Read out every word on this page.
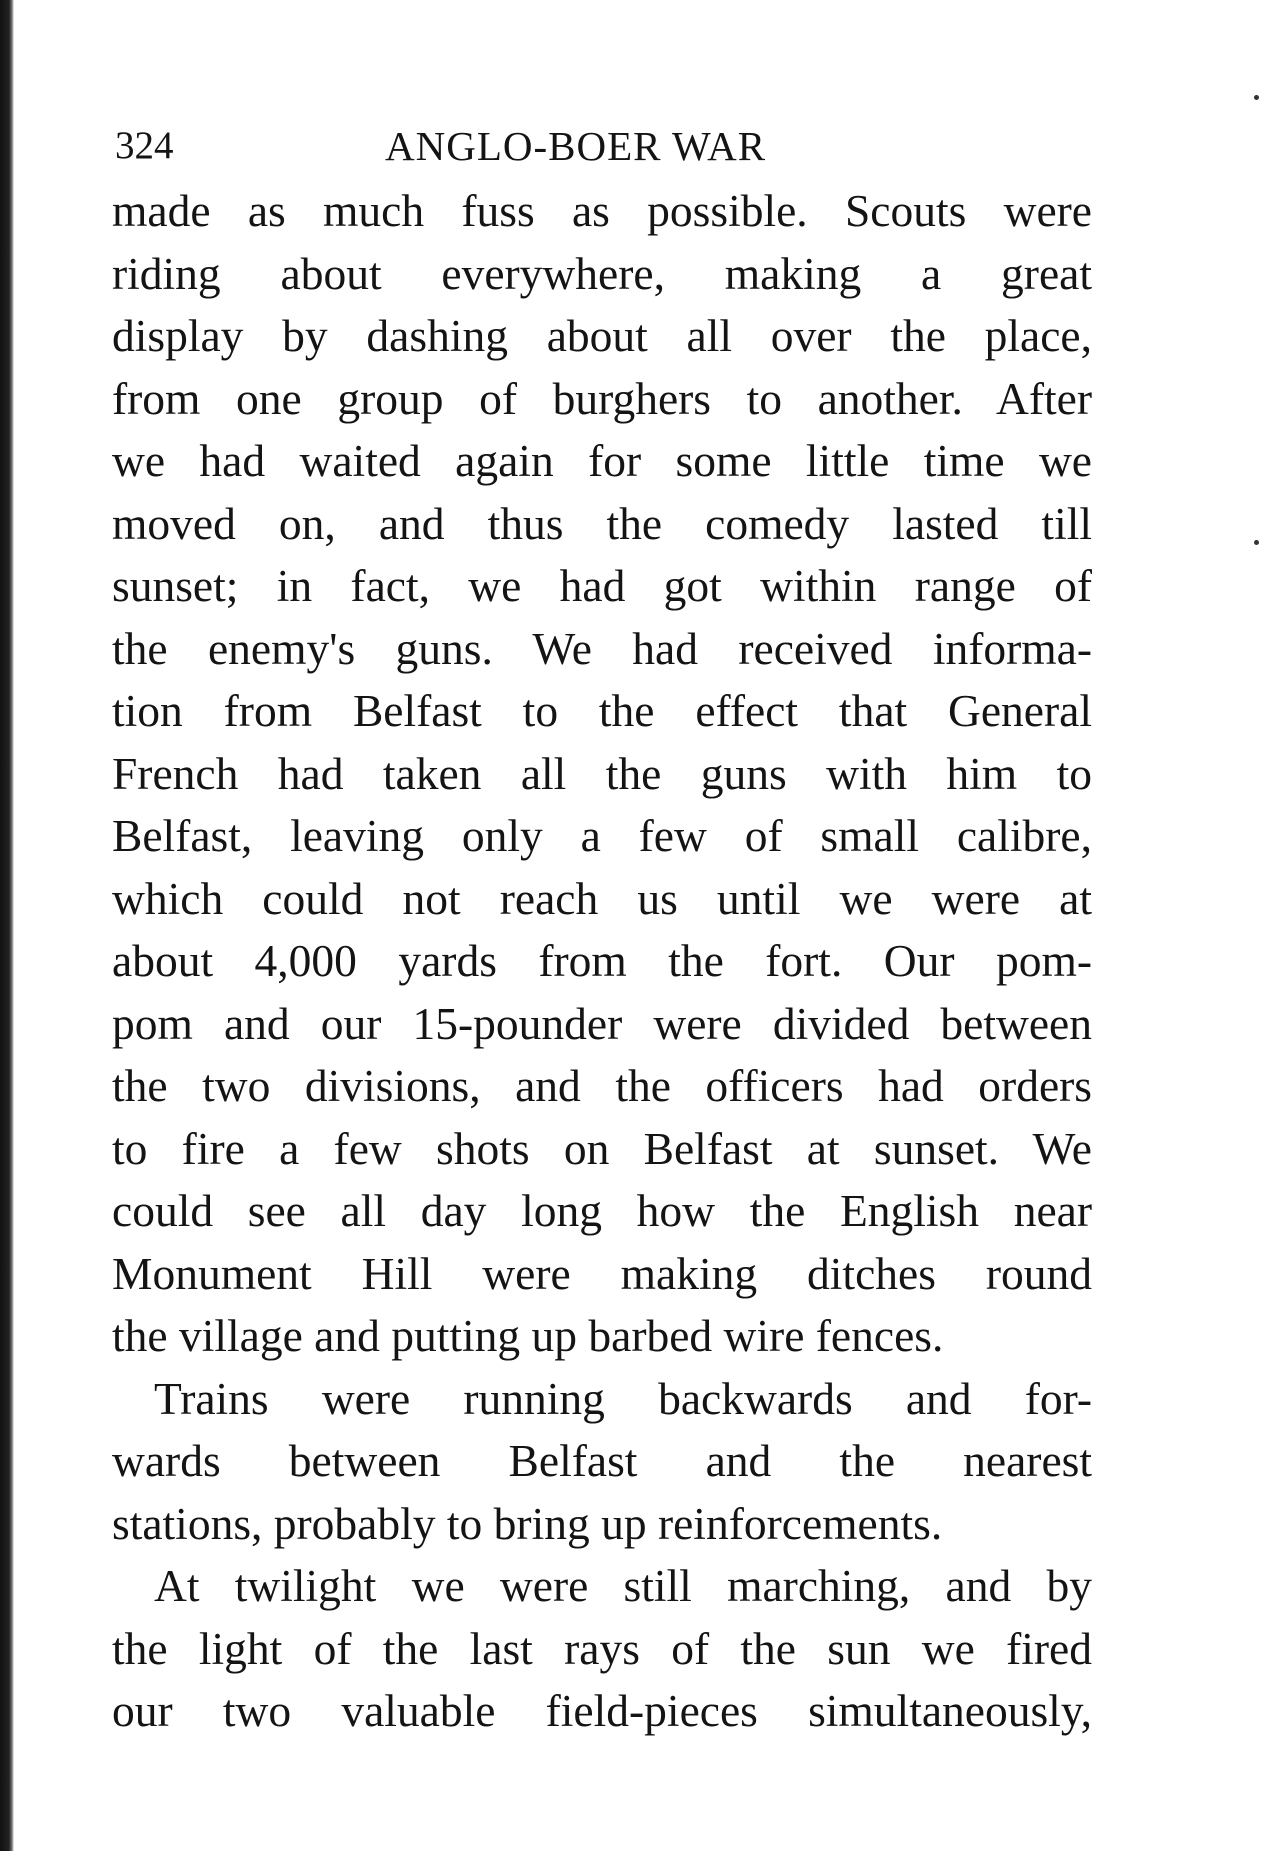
324	ANGLO-BOER WAR
made as much fuss as possible. Scouts were
riding about everywhere, making a great
display by dashing about all over the place,
from one group of burghers to another. After
we had waited again for some little time we
moved on, and thus the comedy lasted till
sunset; in fact, we had got within range of
the enemy's guns. We had received informa-
tion from Belfast to the effect that General
French had taken all the guns with him to
Belfast, leaving only a few of small calibre,
which could not reach us until we were at
about 4,000 yards from the fort. Our pom-
pom and our 15-pounder were divided between
the two divisions, and the officers had orders
to fire a few shots on Belfast at sunset. We
could see all day long how the English near
Monument Hill were making ditches round
the village and putting up barbed wire fences.
Trains were running backwards and for-
wards between Belfast and the nearest
stations, probably to bring up reinforcements.
At twilight we were still marching, and by
the light of the last rays of the sun we fired
our two valuable field-pieces simultaneously,
